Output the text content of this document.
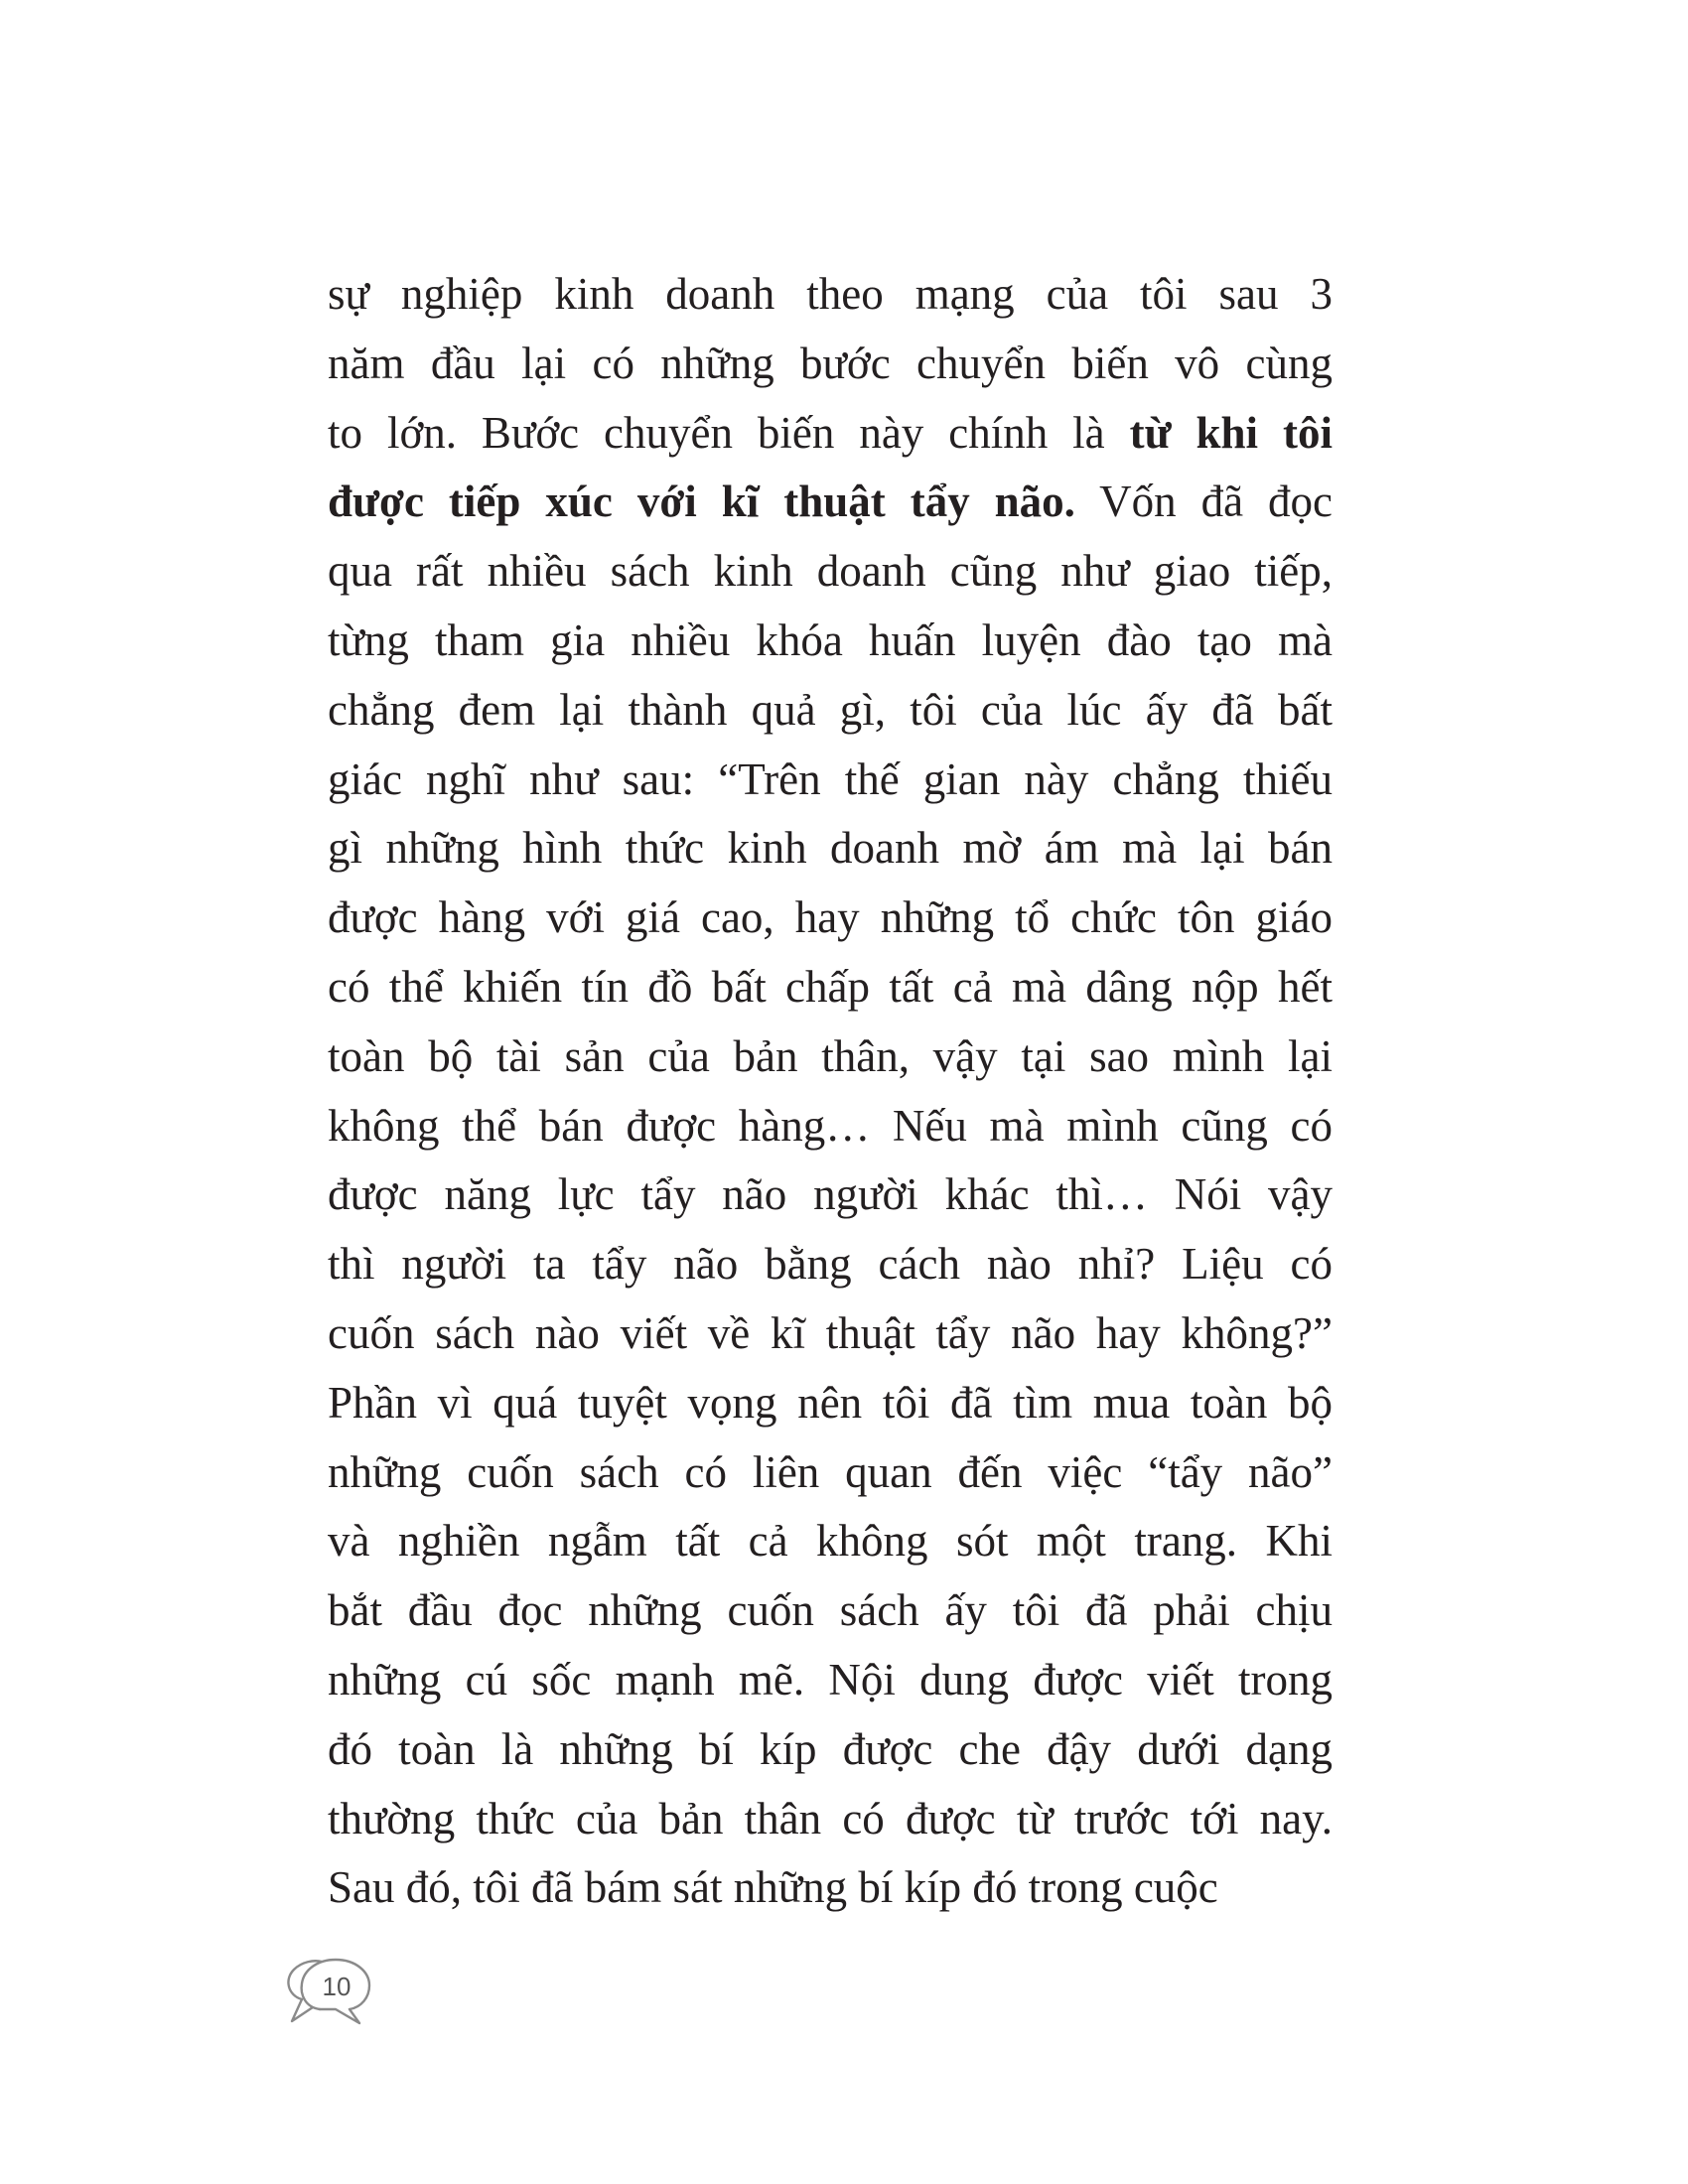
sự nghiệp kinh doanh theo mạng của tôi sau 3
năm đầu lại có những bước chuyển biến vô cùng
to lớn. Bước chuyển biến này chính là từ khi tôi
được tiếp xúc với kĩ thuật tẩy não. Vốn đã đọc
qua rất nhiều sách kinh doanh cũng như giao tiếp,
từng tham gia nhiều khóa huấn luyện đào tạo mà
chẳng đem lại thành quả gì, tôi của lúc ấy đã bất
giác nghĩ như sau: “Trên thế gian này chẳng thiếu
gì những hình thức kinh doanh mờ ám mà lại bán
được hàng với giá cao, hay những tổ chức tôn giáo
có thể khiến tín đồ bất chấp tất cả mà dâng nộp hết
toàn bộ tài sản của bản thân, vậy tại sao mình lại
không thể bán được hàng… Nếu mà mình cũng có
được năng lực tẩy não người khác thì… Nói vậy
thì người ta tẩy não bằng cách nào nhỉ? Liệu có
cuốn sách nào viết về kĩ thuật tẩy não hay không?”
Phần vì quá tuyệt vọng nên tôi đã tìm mua toàn bộ
những cuốn sách có liên quan đến việc “tẩy não”
và nghiền ngẫm tất cả không sót một trang. Khi
bắt đầu đọc những cuốn sách ấy tôi đã phải chịu
những cú sốc mạnh mẽ. Nội dung được viết trong
đó toàn là những bí kíp được che đậy dưới dạng
thường thức của bản thân có được từ trước tới nay.
Sau đó, tôi đã bám sát những bí kíp đó trong cuộc
10
